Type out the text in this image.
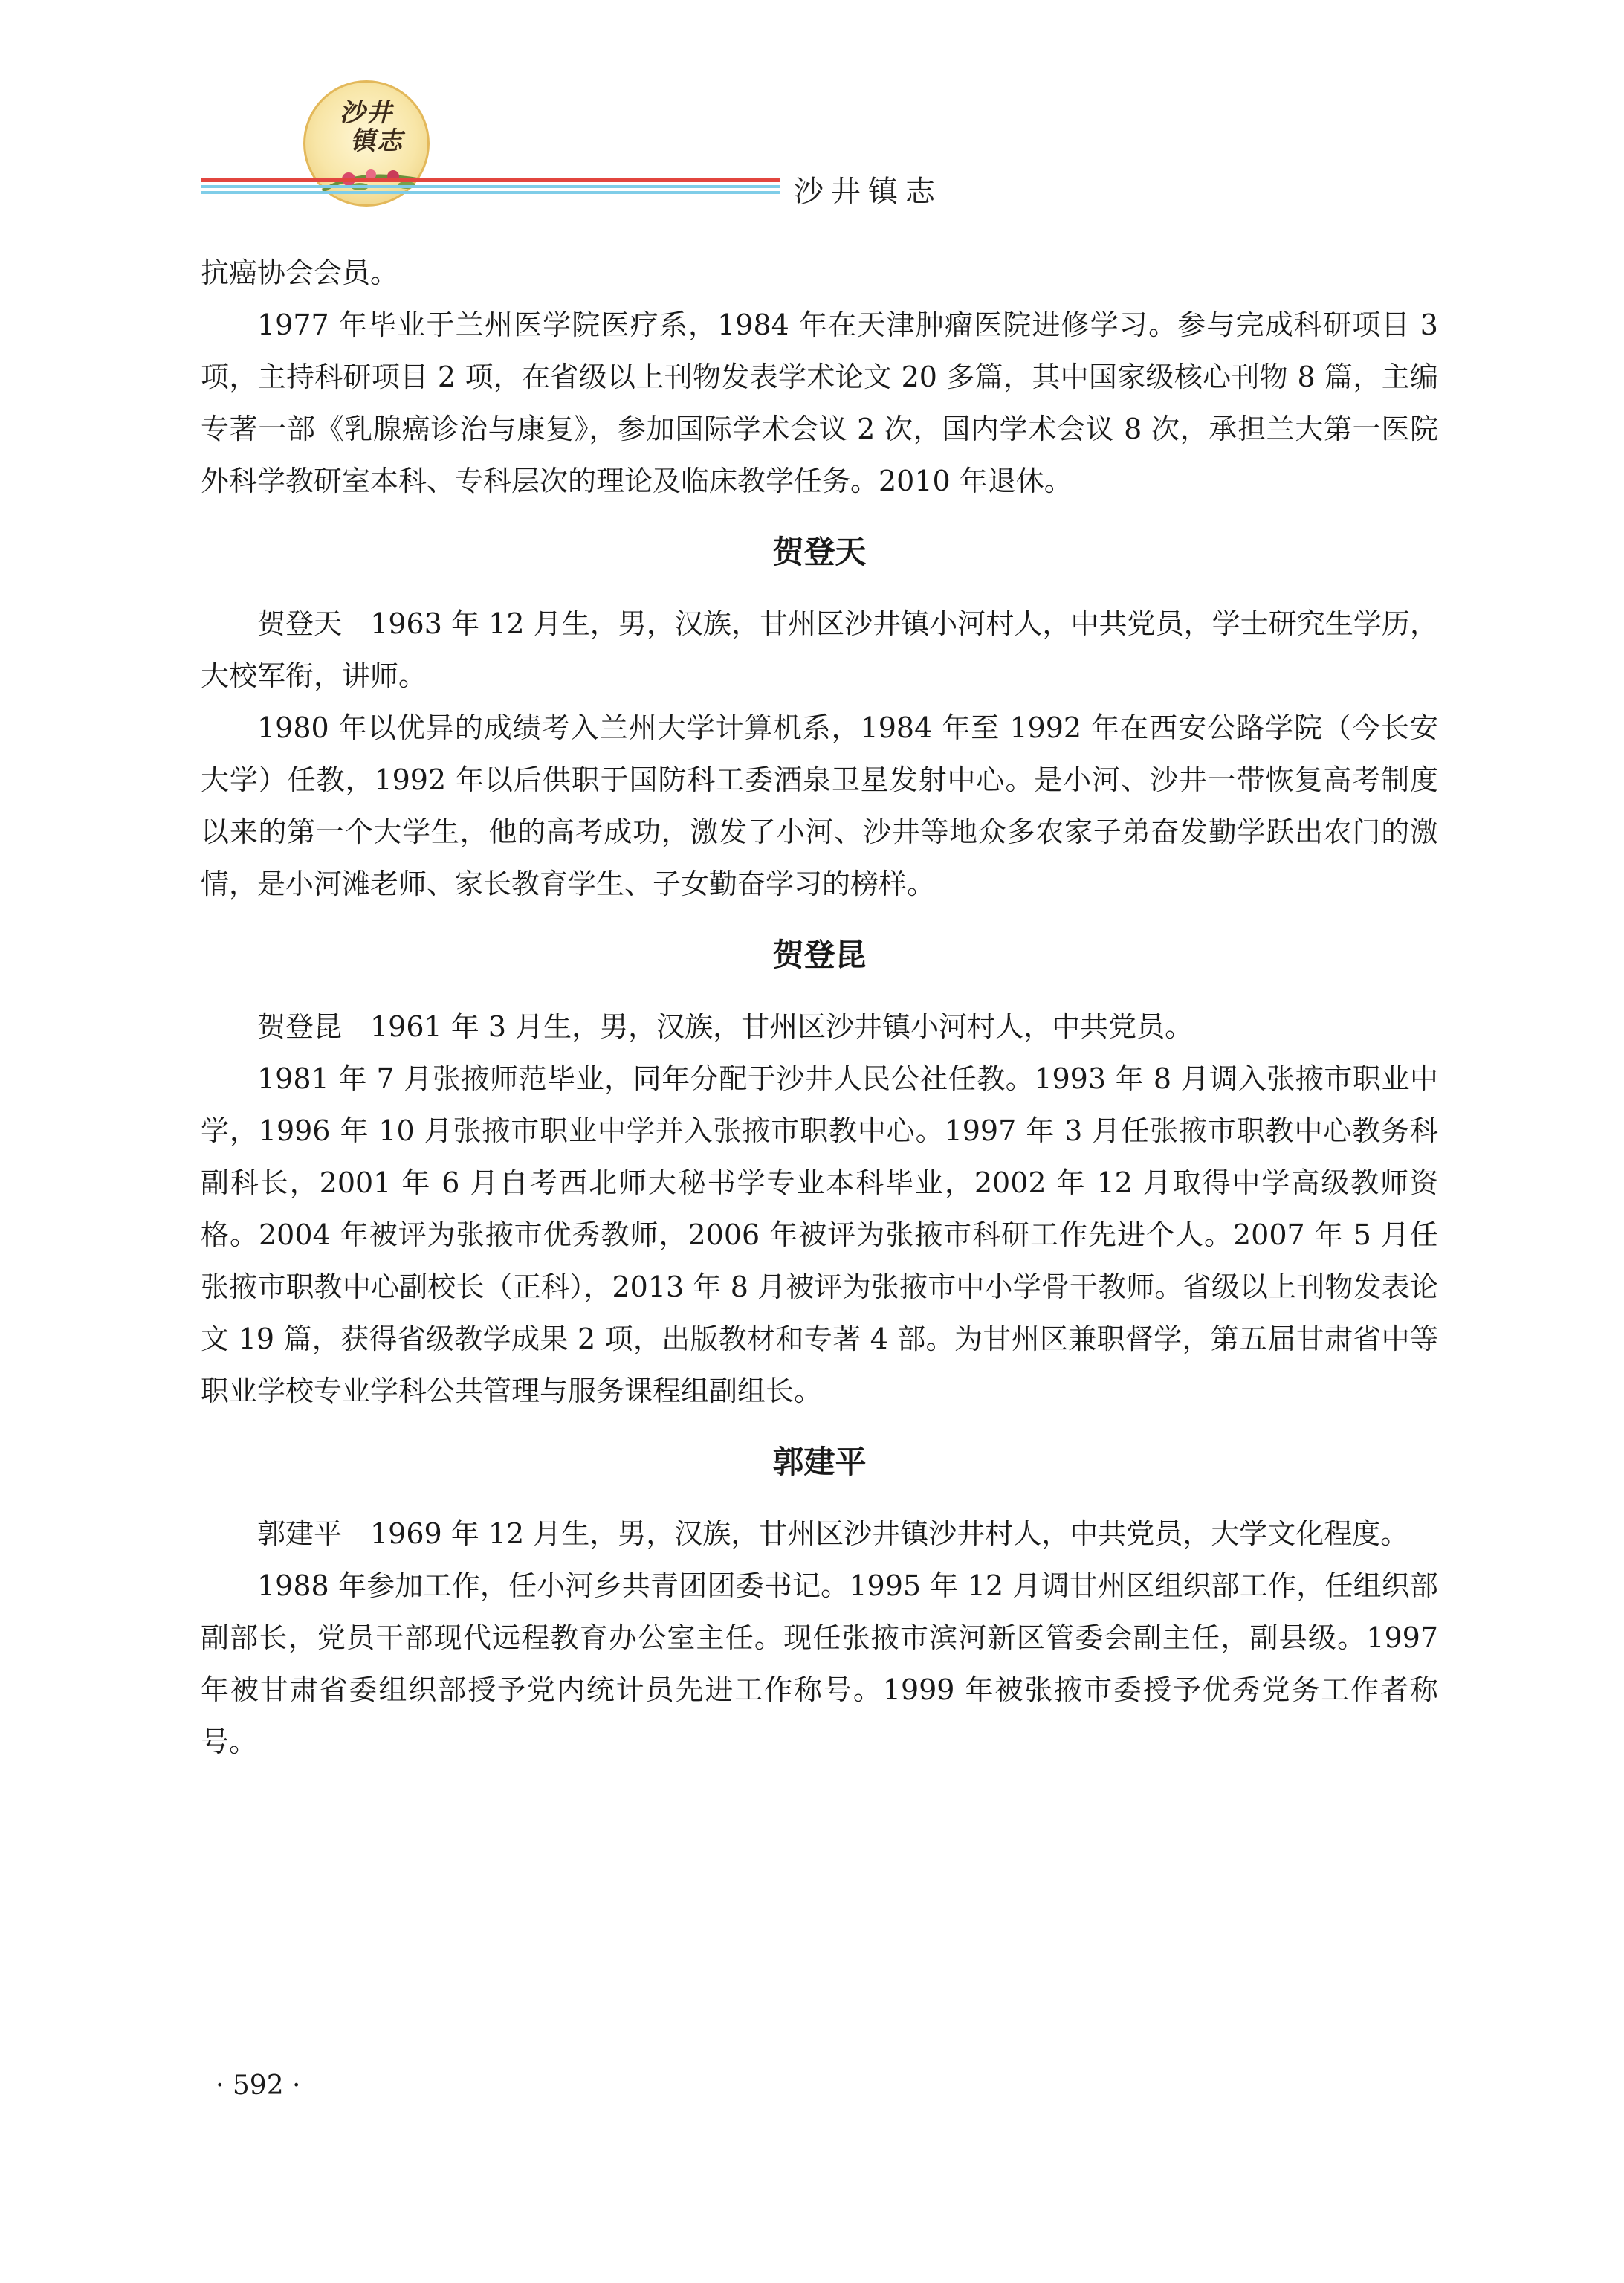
沙井
镇志
沙井镇志

抗癌协会会员。

1977 年毕业于兰州医学院医疗系，1984 年在天津肿瘤医院进修学习。参与完成科研项目 3 项，主持科研项目 2 项，在省级以上刊物发表学术论文 20 多篇，其中国家级核心刊物 8 篇，主编专著一部《乳腺癌诊治与康复》，参加国际学术会议 2 次，国内学术会议 8 次，承担兰大第一医院外科学教研室本科、专科层次的理论及临床教学任务。2010 年退休。

贺登天

贺登天　1963 年 12 月生，男，汉族，甘州区沙井镇小河村人，中共党员，学士研究生学历，大校军衔，讲师。

1980 年以优异的成绩考入兰州大学计算机系，1984 年至 1992 年在西安公路学院（今长安大学）任教，1992 年以后供职于国防科工委酒泉卫星发射中心。是小河、沙井一带恢复高考制度以来的第一个大学生，他的高考成功，激发了小河、沙井等地众多农家子弟奋发勤学跃出农门的激情，是小河滩老师、家长教育学生、子女勤奋学习的榜样。

贺登昆

贺登昆　1961 年 3 月生，男，汉族，甘州区沙井镇小河村人，中共党员。

1981 年 7 月张掖师范毕业，同年分配于沙井人民公社任教。1993 年 8 月调入张掖市职业中学，1996 年 10 月张掖市职业中学并入张掖市职教中心。1997 年 3 月任张掖市职教中心教务科副科长，2001 年 6 月自考西北师大秘书学专业本科毕业，2002 年 12 月取得中学高级教师资格。2004 年被评为张掖市优秀教师，2006 年被评为张掖市科研工作先进个人。2007 年 5 月任张掖市职教中心副校长（正科），2013 年 8 月被评为张掖市中小学骨干教师。省级以上刊物发表论文 19 篇，获得省级教学成果 2 项，出版教材和专著 4 部。为甘州区兼职督学，第五届甘肃省中等职业学校专业学科公共管理与服务课程组副组长。

郭建平

郭建平　1969 年 12 月生，男，汉族，甘州区沙井镇沙井村人，中共党员，大学文化程度。

1988 年参加工作，任小河乡共青团团委书记。1995 年 12 月调甘州区组织部工作，任组织部副部长，党员干部现代远程教育办公室主任。现任张掖市滨河新区管委会副主任，副县级。1997 年被甘肃省委组织部授予党内统计员先进工作称号。1999 年被张掖市委授予优秀党务工作者称号。

· 592 ·
